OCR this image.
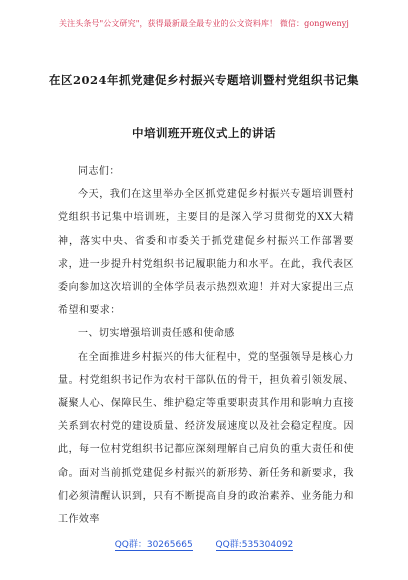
关注头条号"公文研究"，获得最新最全最专业的公文资料库！ 微信：gongwenyj
在区2024年抓党建促乡村振兴专题培训暨村党组织书记集
中培训班开班仪式上的讲话

同志们：

今天，我们在这里举办全区抓党建促乡村振兴专题培训暨村党组织书记集中培训班，主要目的是深入学习贯彻党的XX大精神，落实中央、省委和市委关于抓党建促乡村振兴工作部署要求，进一步提升村党组织书记履职能力和水平。在此，我代表区委向参加这次培训的全体学员表示热烈欢迎！并对大家提出三点希望和要求：

一、切实增强培训责任感和使命感

在全面推进乡村振兴的伟大征程中，党的坚强领导是核心力量。村党组织书记作为农村干部队伍的骨干，担负着引领发展、凝聚人心、保障民生、维护稳定等重要职责其作用和影响力直接关系到农村党的建设质量、经济发展速度以及社会稳定程度。因此，每一位村党组织书记都应深刻理解自己肩负的重大责任和使命。面对当前抓党建促乡村振兴的新形势、新任务和新要求，我们必须清醒认识到，只有不断提高自身的政治素养、业务能力和工作效率

QQ群：30265665	QQ群:535304092
